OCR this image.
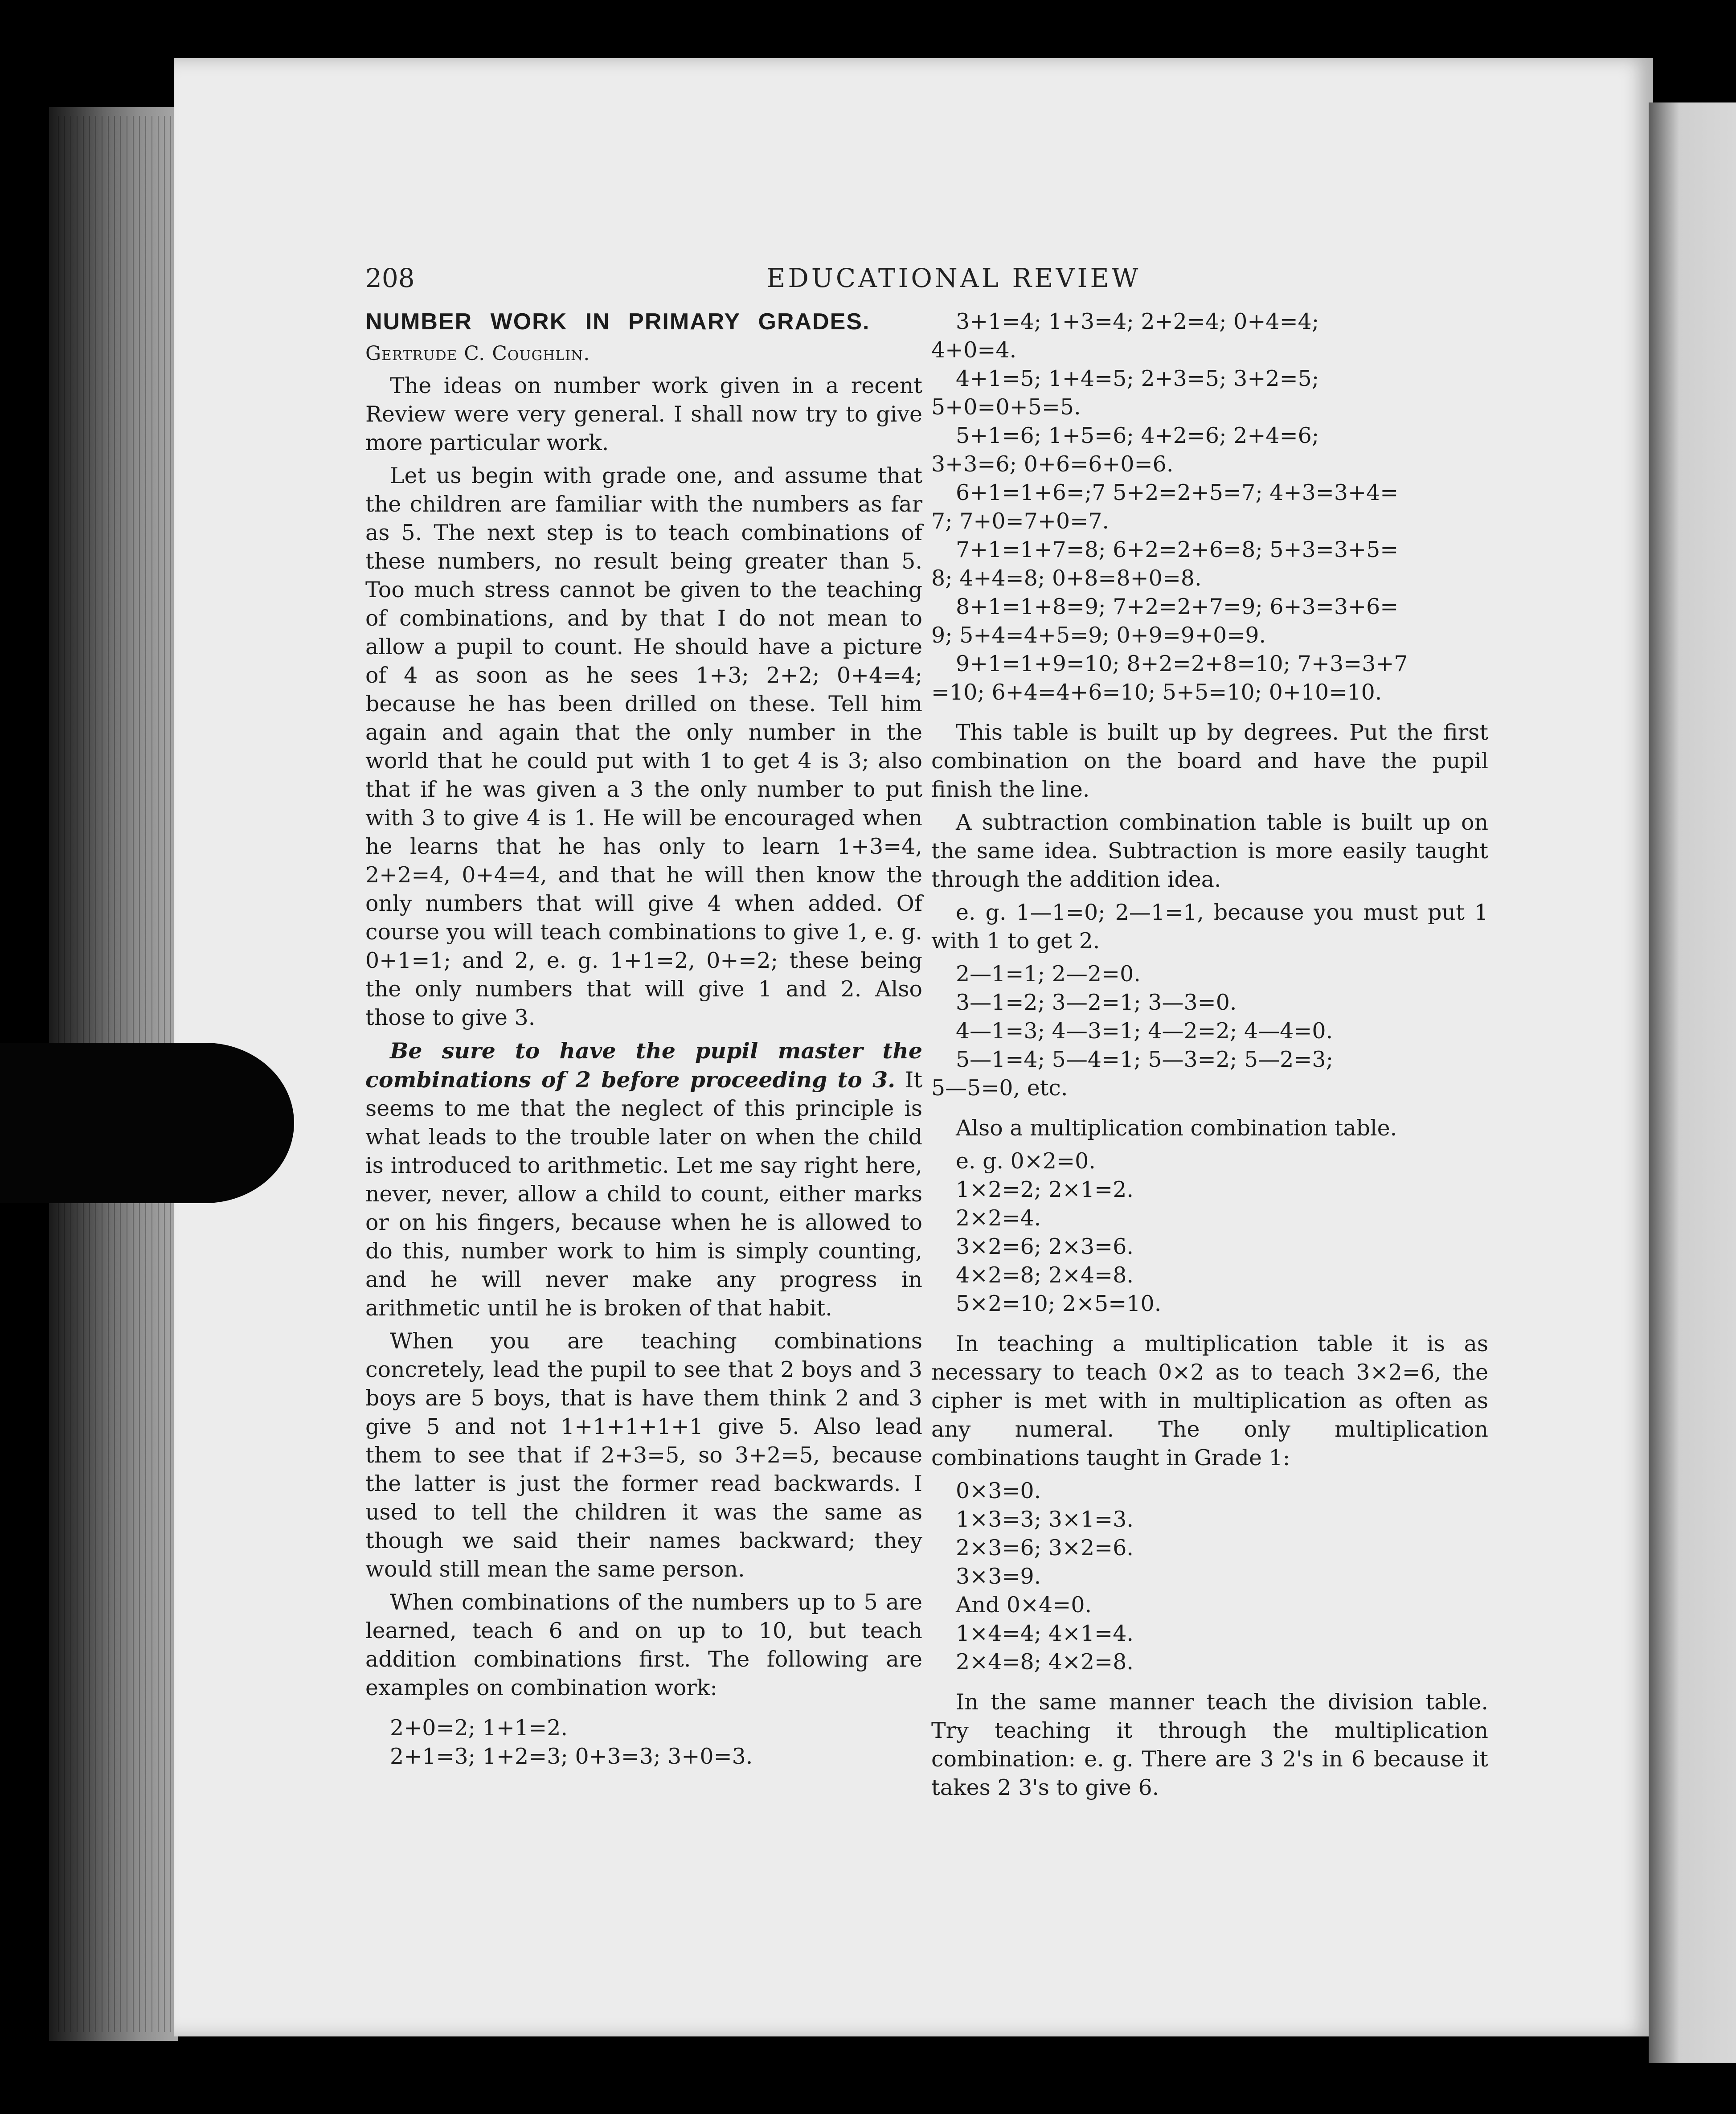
208	EDUCATIONAL REVIEW

NUMBER WORK IN PRIMARY GRADES.

Gertrude C. Coughlin.

The ideas on number work given in a recent Review were very general. I shall now try to give more particular work.

Let us begin with grade one, and assume that the children are familiar with the numbers as far as 5. The next step is to teach combinations of these numbers, no result being greater than 5. Too much stress cannot be given to the teaching of combinations, and by that I do not mean to allow a pupil to count. He should have a picture of 4 as soon as he sees 1+3; 2+2; 0+4=4; because he has been drilled on these. Tell him again and again that the only number in the world that he could put with 1 to get 4 is 3; also that if he was given a 3 the only number to put with 3 to give 4 is 1. He will be encouraged when he learns that he has only to learn 1+3=4, 2+2=4, 0+4=4, and that he will then know the only numbers that will give 4 when added. Of course you will teach combinations to give 1, e. g. 0+1=1; and 2, e. g. 1+1=2, 0+=2; these being the only numbers that will give 1 and 2. Also those to give 3.

Be sure to have the pupil master the combinations of 2 before proceeding to 3. It seems to me that the neglect of this principle is what leads to the trouble later on when the child is introduced to arithmetic. Let me say right here, never, never, allow a child to count, either marks or on his fingers, because when he is allowed to do this, number work to him is simply counting, and he will never make any progress in arithmetic until he is broken of that habit.

When you are teaching combinations concretely, lead the pupil to see that 2 boys and 3 boys are 5 boys, that is have them think 2 and 3 give 5 and not 1+1+1+1+1 give 5. Also lead them to see that if 2+3=5, so 3+2=5, because the latter is just the former read backwards. I used to tell the children it was the same as though we said their names backward; they would still mean the same person.

When combinations of the numbers up to 5 are learned, teach 6 and on up to 10, but teach addition combinations first. The following are examples on combination work:

2+0=2; 1+1=2.

2+1=3; 1+2=3; 0+3=3; 3+0=3.

3+1=4; 1+3=4; 2+2=4; 0+4=4;

4+0=4.

4+1=5; 1+4=5; 2+3=5; 3+2=5;

5+0=0+5=5.

5+1=6; 1+5=6; 4+2=6; 2+4=6;

3+3=6; 0+6=6+0=6.

6+1=1+6=;7 5+2=2+5=7; 4+3=3+4=

7; 7+0=7+0=7.

7+1=1+7=8; 6+2=2+6=8; 5+3=3+5=

8; 4+4=8; 0+8=8+0=8.

8+1=1+8=9; 7+2=2+7=9; 6+3=3+6=

9; 5+4=4+5=9; 0+9=9+0=9.

9+1=1+9=10; 8+2=2+8=10; 7+3=3+7

=10; 6+4=4+6=10; 5+5=10; 0+10=10.

This table is built up by degrees. Put the first combination on the board and have the pupil finish the line.

A subtraction combination table is built up on the same idea. Subtraction is more easily taught through the addition idea.

e. g. 1—1=0; 2—1=1, because you must put 1 with 1 to get 2.

2—1=1; 2—2=0.

3—1=2; 3—2=1; 3—3=0.

4—1=3; 4—3=1; 4—2=2; 4—4=0.

5—1=4; 5—4=1; 5—3=2; 5—2=3;

5—5=0, etc.

Also a multiplication combination table.

e. g. 0×2=0.

1×2=2; 2×1=2.

2×2=4.

3×2=6; 2×3=6.

4×2=8; 2×4=8.

5×2=10; 2×5=10.

In teaching a multiplication table it is as necessary to teach 0×2 as to teach 3×2=6, the cipher is met with in multiplication as often as any numeral. The only multiplication combinations taught in Grade 1:

0×3=0.

1×3=3; 3×1=3.

2×3=6; 3×2=6.

3×3=9.

And 0×4=0.

1×4=4; 4×1=4.

2×4=8; 4×2=8.

In the same manner teach the division table. Try teaching it through the multiplication combination: e. g. There are 3 2's in 6 because it takes 2 3's to give 6.
